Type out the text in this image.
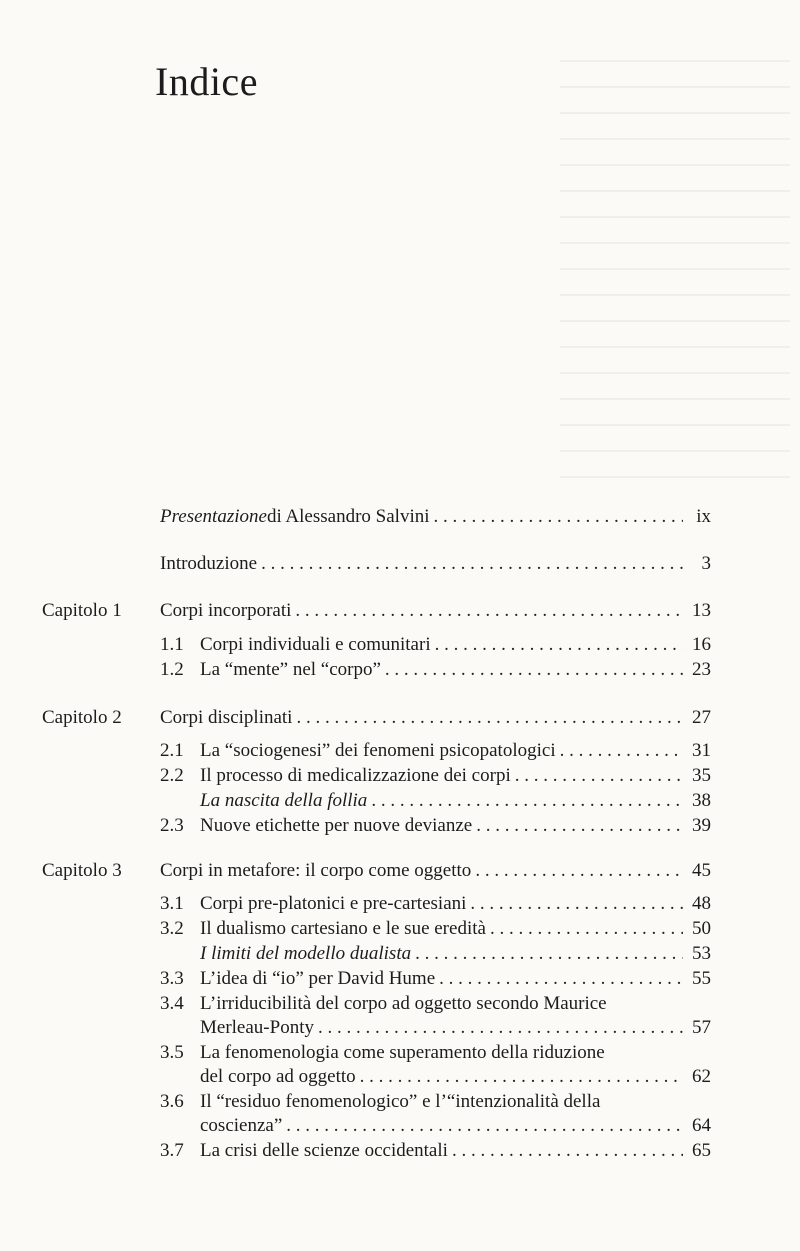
Indice
Presentazione di Alessandro Salvini . . .	ix
Introduzione . . .	3
Capitolo 1 Corpi incorporati . . .	13
1.1 Corpi individuali e comunitari . . .	16
1.2 La “mente” nel “corpo” . . .	23
Capitolo 2 Corpi disciplinati . . .	27
2.1 La “sociogenesi” dei fenomeni psicopatologici . . .	31
2.2 Il processo di medicalizzazione dei corpi . . .	35
La nascita della follia . . .	38
2.3 Nuove etichette per nuove devianze . . .	39
Capitolo 3 Corpi in metafore: il corpo come oggetto . . .	45
3.1 Corpi pre-platonici e pre-cartesiani . . .	48
3.2 Il dualismo cartesiano e le sue eredità . . .	50
I limiti del modello dualista . . .	53
3.3 L’idea di “io” per David Hume . . .	55
3.4 L’irriducibilità del corpo ad oggetto secondo Maurice
Merleau-Ponty . . .	57
3.5 La fenomenologia come superamento della riduzione
del corpo ad oggetto . . .	62
3.6 Il “residuo fenomenologico” e l’“intenzionalità della
coscienza” . . .	64
3.7 La crisi delle scienze occidentali . . .	65
